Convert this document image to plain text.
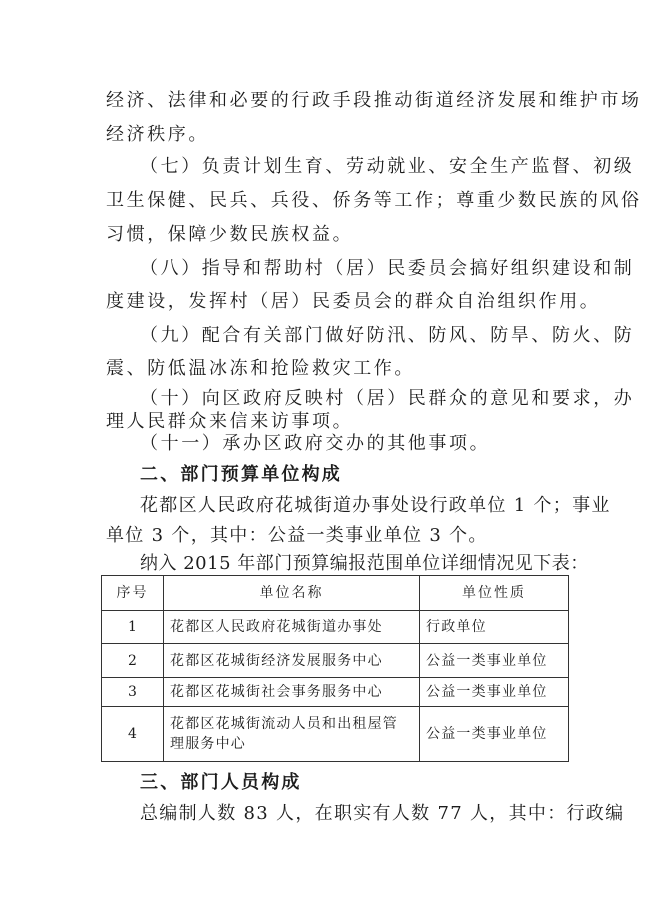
经济、法律和必要的行政手段推动街道经济发展和维护市场
经济秩序。
（七）负责计划生育、劳动就业、安全生产监督、初级
卫生保健、民兵、兵役、侨务等工作；尊重少数民族的风俗
习惯，保障少数民族权益。
（八）指导和帮助村（居）民委员会搞好组织建设和制
度建设，发挥村（居）民委员会的群众自治组织作用。
（九）配合有关部门做好防汛、防风、防旱、防火、防
震、防低温冰冻和抢险救灾工作。
（十）向区政府反映村（居）民群众的意见和要求，办
理人民群众来信来访事项。
（十一）承办区政府交办的其他事项。
二、部门预算单位构成
花都区人民政府花城街道办事处设行政单位 1 个；事业
单位 3 个，其中：公益一类事业单位 3 个。
纳入 2015 年部门预算编报范围单位详细情况见下表：
序号	单位名称	单位性质
1	花都区人民政府花城街道办事处	行政单位
2	花都区花城街经济发展服务中心	公益一类事业单位
3	花都区花城街社会事务服务中心	公益一类事业单位
4	花都区花城街流动人员和出租屋管理服务中心	公益一类事业单位
三、部门人员构成
总编制人数 83 人，在职实有人数 77 人，其中：行政编
